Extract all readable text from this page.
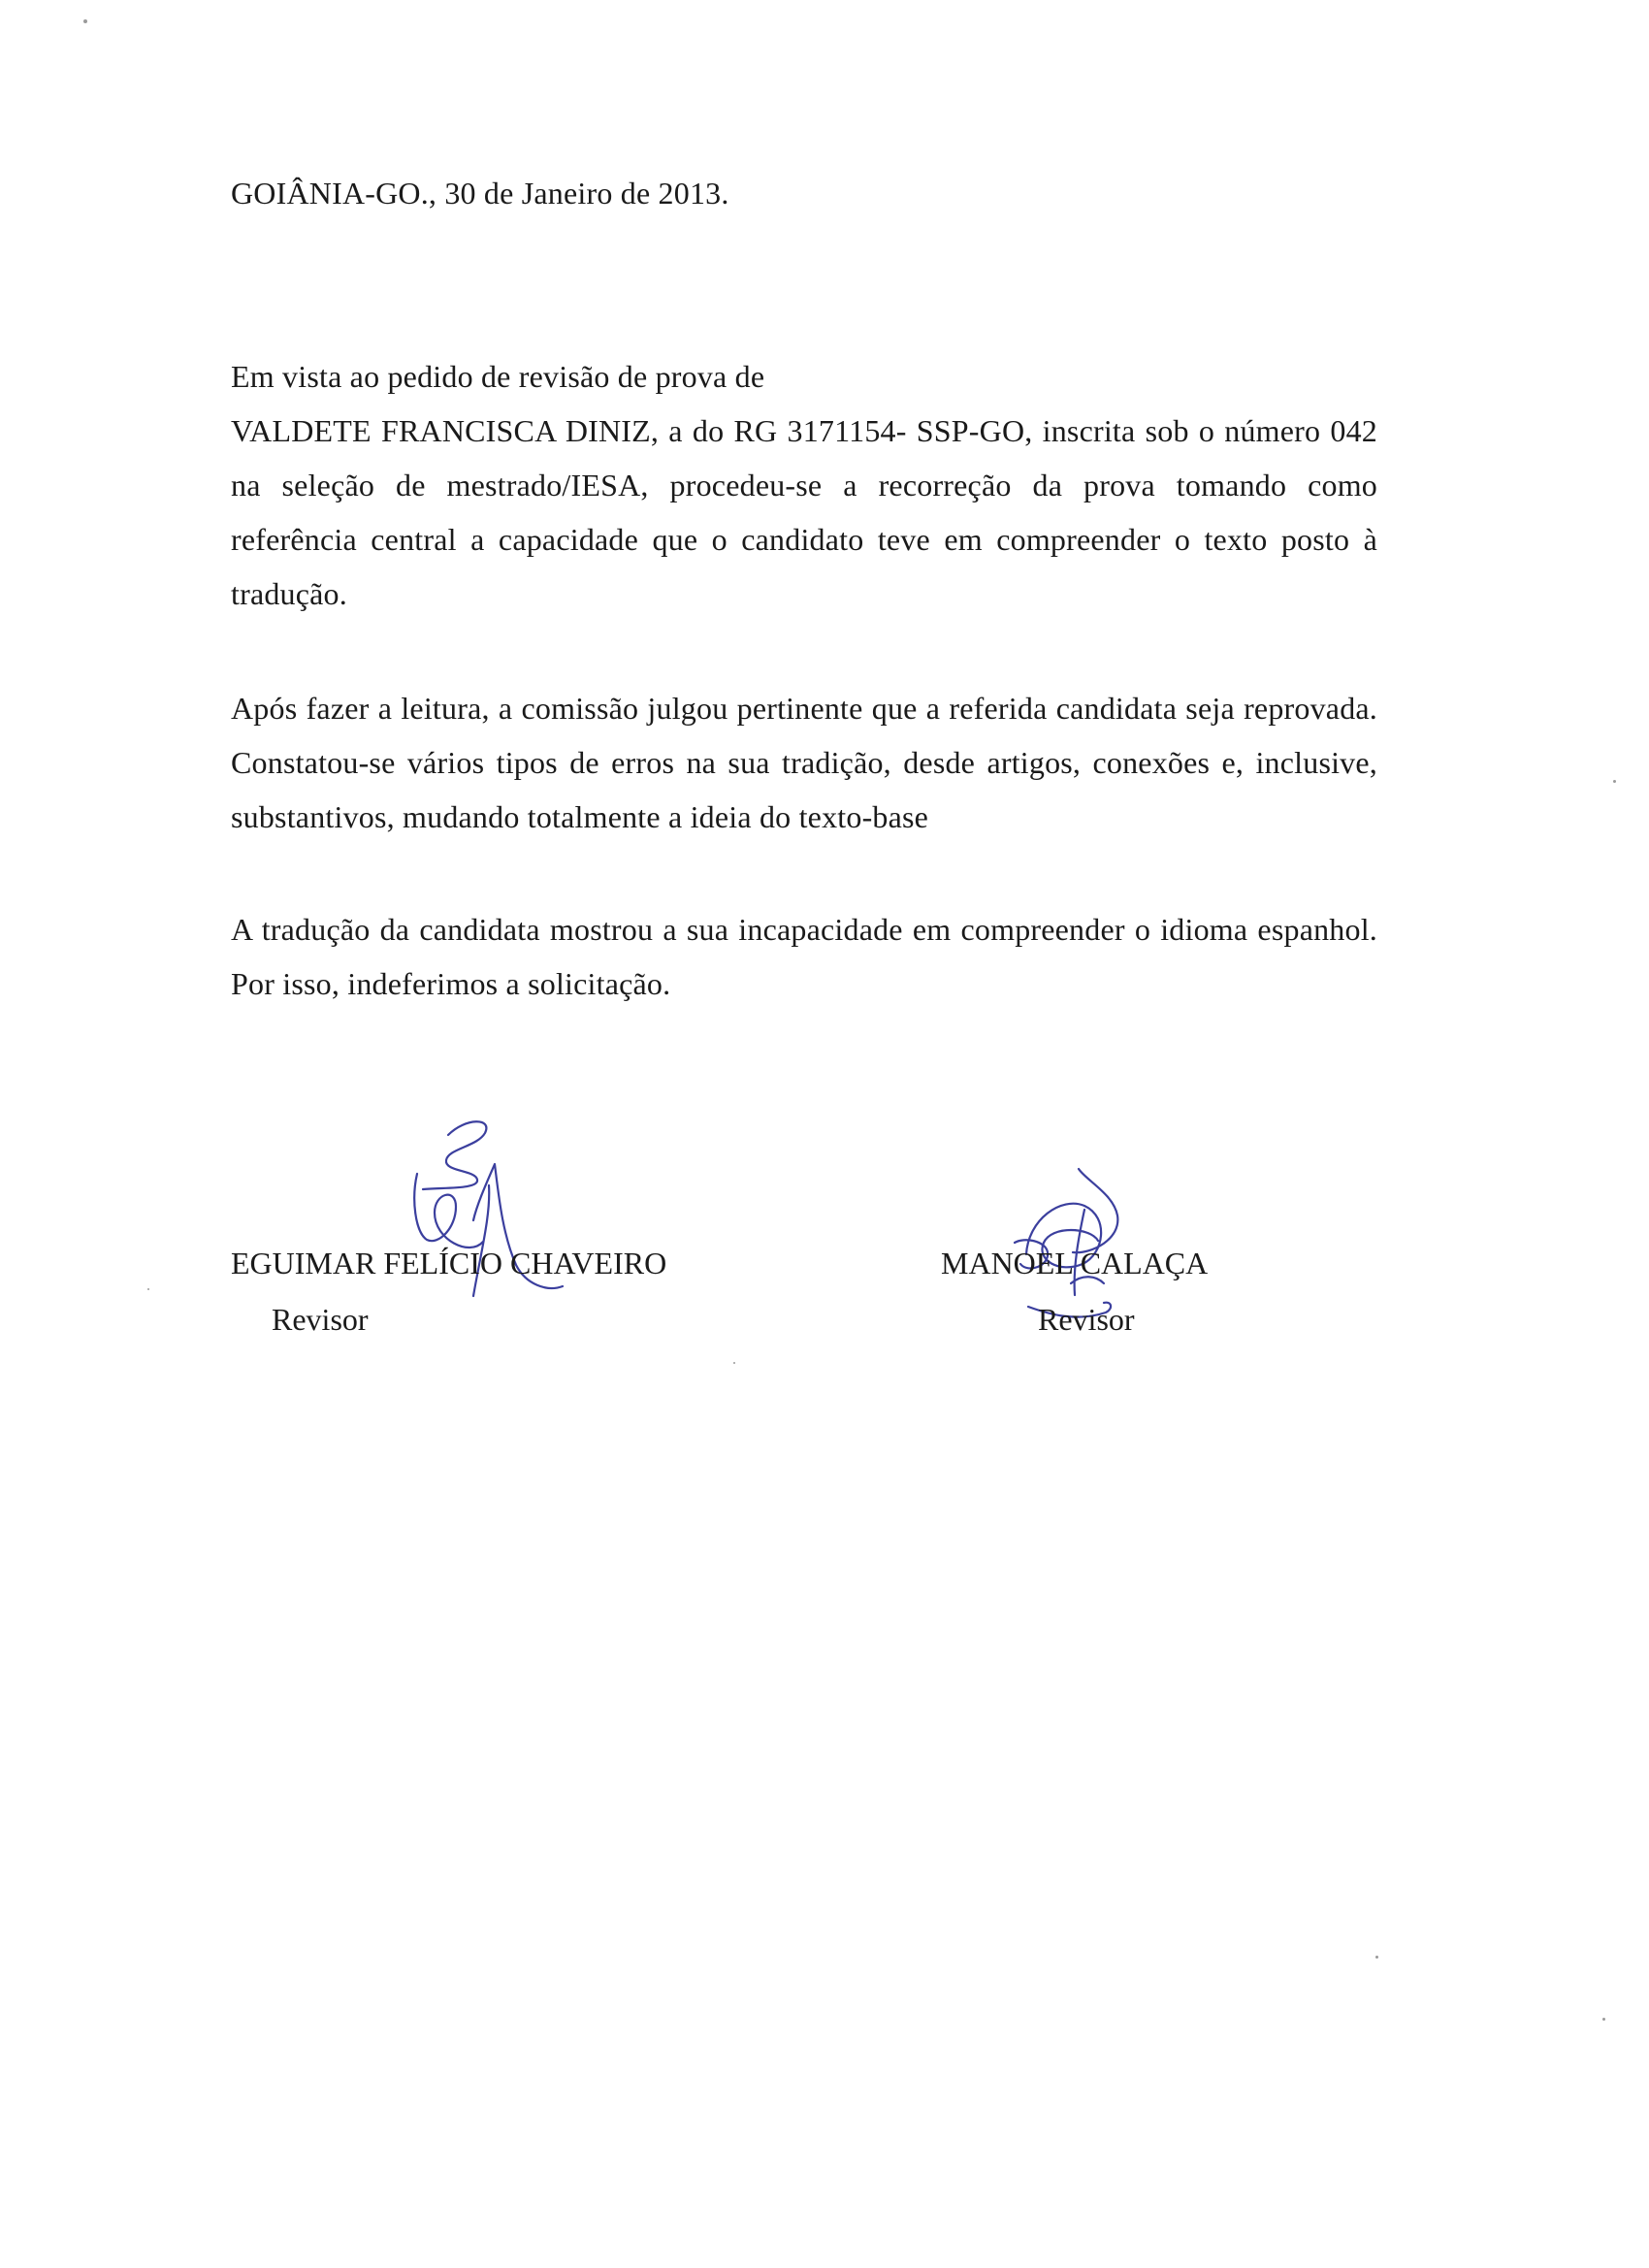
GOIÂNIA-GO., 30 de Janeiro de 2013.
Em vista ao pedido de revisão de prova de
VALDETE FRANCISCA DINIZ, a do RG 3171154- SSP-GO, inscrita sob o número 042 na seleção de mestrado/IESA, procedeu-se a recorreção da prova tomando como referência central a capacidade que o candidato teve em compreender o texto posto à tradução.
Após fazer a leitura, a comissão julgou pertinente que a referida candidata seja reprovada. Constatou-se vários tipos de erros na sua tradição, desde artigos, conexões e, inclusive, substantivos, mudando totalmente a ideia do texto-base
A tradução da candidata mostrou a sua incapacidade em compreender o idioma espanhol. Por isso, indeferimos a solicitação.
EGUIMAR FELÍCIO CHAVEIRO
Revisor
MANOEL CALAÇA
Revisor
